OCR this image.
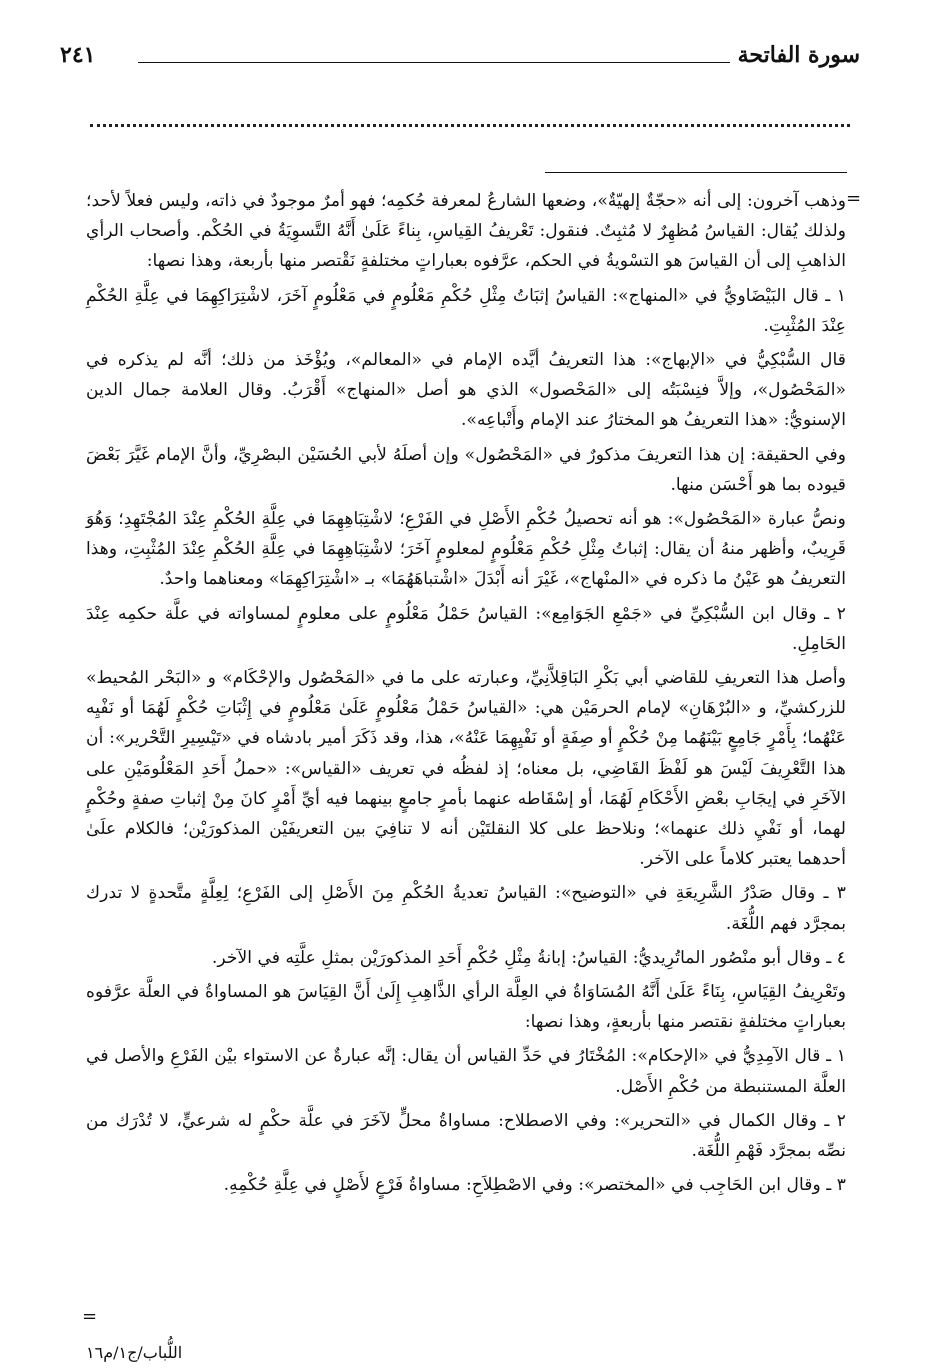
سورة الفاتحة
٢٤١
=

وذهب آخرون: إلى أنه «حجّةٌ إلهيّةٌ»، وضعها الشارعُ لمعرفة حُكمِه؛ فهو أمرٌ موجودٌ في ذاته، وليس فعلاً لأحد؛ ولذلك يُقال: القياسُ مُظهِرٌ لا مُثبِتٌ. فنقول: تَعْريفُ القِياسِ، بِناءً عَلَىٰ أَنَّهُ التَّسوِيَةُ في الحُكْم. وأصحاب الرأي الذاهبِ إلى أن القياسَ هو التسْويةُ في الحكم، عرَّفوه بعباراتٍ مختلفةٍ نَقْتصر منها بأربعة، وهذا نصها:

١ ـ قال البَيْضَاويُّ في «المنهاج»: القياسُ إثبَاتُ مِثْلِ حُكْمِ مَعْلُومٍ في مَعْلُومٍ آخَرَ، لاشْتِرَاكِهِمَا في عِلَّةِ الحُكْمِ عِنْدَ المُثْبِتِ.

قال السُّبْكِيُّ في «الإبهاج»: هذا التعريفُ أيَّده الإمام في «المعالم»، ويُؤْخَذ من ذلك؛ أنَّه لم يذكره في «المَحْصُول»، وإلاَّ فنِسْبَتُه إلى «المَحْصول» الذي هو أصل «المنهاج» أَقْرَبُ. وقال العلامة جمال الدين الإسنويُّ: «هذا التعريفُ هو المختارُ عند الإمام وأَتْباعِه».

وفي الحقيقة: إن هذا التعريفَ مذكورٌ في «المَحْصُول» وإن أصلَهُ لأبي الحُسَيْن البصْرِيِّ، وأنَّ الإمام غَيَّرَ بَعْضَ قيوده بما هو أَحْسَن منها.

ونصُّ عبارة «المَحْصُول»: هو أنه تحصيلُ حُكْمِ الأَصْلِ في الفَرْعِ؛ لاشْتِبَاهِهِمَا في عِلَّةِ الحُكْمِ عِنْدَ المُجْتَهِدِ؛ وَهُوَ قَرِيبٌ، وأظهر منهُ أن يقال: إثباتُ مِثْلِ حُكْمِ مَعْلُومٍ لمعلومٍ آخَرَ؛ لاشْتِبَاهِهِمَا في عِلَّةِ الحُكْمِ عِنْدَ المُثْبِتِ، وهذا التعريفُ هو عَيْنُ ما ذكره في «المنْهاج»، غَيْرَ أنه أَبْدَلَ «اشْتباهَهُمَا» بـ «اشْتِرَاكِهِمَا» ومعناهما واحدٌ.

٢ ـ وقال ابن السُّبْكِيِّ في «جَمْعِ الجَوَامِع»: القياسُ حَمْلُ مَعْلُومٍ على معلومٍ لمساواته في علَّة حكمِه عِنْدَ الحَامِلِ.

وأصل هذا التعريفِ للقاضي أبي بَكْرِ البَاقِلاَّنِيِّ، وعبارته على ما في «المَحْصُول والإحْكَام» و «البَحْر المُحيط» للزركشيِّ، و «البُرْهَانِ» لإمام الحرمَيْن هي: «القياسُ حَمْلُ مَعْلُومٍ عَلَىٰ مَعْلُومٍ في إِثْبَاتِ حُكْمٍ لَهُمَا أو نَفْيِه عَنْهُما؛ بِأَمْرٍ جَامِعٍ بَيْنَهُما مِنْ حُكْمٍ أو صِفَةٍ أو نَفْيِهِمَا عَنْهُ»، هذا، وقد ذَكَرَ أمير بادشاه في «تَيْسِيرِ التَّحْرير»: أن هذا التَّعْرِيفَ لَيْسَ هو لَفْظَ القَاضِي، بل معناه؛ إذ لفظُه في تعريف «القياس»: «حملُ أَحَدِ المَعْلُومَيْنِ على الآخَرِ في إيجَابِ بعْضِ الأَحْكَامِ لَهُمَا، أو إسْقَاطه عنهما بأمرٍ جامعٍ بينهما فيه أيِّ أَمْرٍ كانَ مِنْ إثباتِ صفةٍ وحُكْمٍ لهما، أو نَفْيِ ذلك عنهما»؛ ونلاحظ على كلا النقلتَيْن أنه لا تنافِيَ بين التعريفَيْن المذكورَيْن؛ فالكلام علَىٰ أحدهما يعتبر كلاماً على الآخر.

٣ ـ وقال صَدْرُ الشَّرِيعَةِ في «التوضيح»: القياسُ تعديةُ الحُكْمِ مِنَ الأَصْلِ إلى الفَرْعِ؛ لِعِلَّةٍ متَّحدةٍ لا تدرك بمجرَّد فهم اللُّغَة.

٤ ـ وقال أبو منْصُور الماتُرِيديُّ: القياسُ: إبانةُ مِثْلِ حُكْمِ أَحَدِ المذكورَيْن بمثلِ علَّتِه في الآخر.

وتَعْرِيفُ القِيَاسِ، بِنَاءً عَلَىٰ أَنَّهُ المُسَاوَاةُ في العِلَّة الرأي الذَّاهِبِ إِلَىٰ أَنَّ القِيَاسَ هو المساواةُ في العلَّة عرَّفوه بعباراتٍ مختلفةٍ نقتصر منها بأربعةٍ، وهذا نصها:

١ ـ قال الآمِدِيُّ في «الإحكام»: المُخْتَارُ في حَدِّ القياس أن يقال: إنَّه عبارةٌ عن الاستواء بيْن الفَرْعِ والأصل في العلَّة المستنبطة من حُكْمِ الأَصْل.

٢ ـ وقال الكمال في «التحرير»: وفي الاصطلاح: مساواةُ محلٍّ لآخَرَ في علَّة حكْمٍ له شرعيٍّ، لا تُدْرَك من نصِّه بمجرَّد فَهْمِ اللُّغَة.

٣ ـ وقال ابن الحَاجِب في «المختصر»: وفي الاصْطِلاَحِ: مساواةُ فَرْعٍ لأَصْلٍ في عِلَّةِ حُكْمِهِ.

=
اللُّباب/ج١/م١٦
